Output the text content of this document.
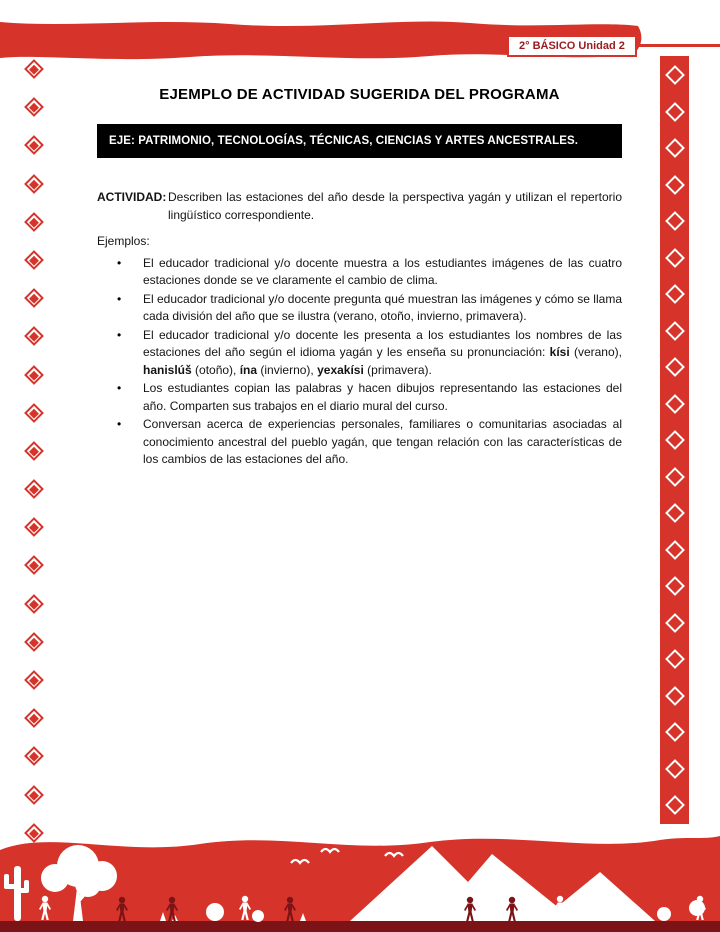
2° BÁSICO Unidad 2
EJEMPLO DE ACTIVIDAD SUGERIDA DEL PROGRAMA
EJE: PATRIMONIO, TECNOLOGÍAS, TÉCNICAS, CIENCIAS Y ARTES ANCESTRALES.

ACTIVIDAD: Describen las estaciones del año desde la perspectiva yagán y utilizan el repertorio lingüístico correspondiente.

Ejemplos:

• El educador tradicional y/o docente muestra a los estudiantes imágenes de las cuatro estaciones donde se ve claramente el cambio de clima.
• El educador tradicional y/o docente pregunta qué muestran las imágenes y cómo se llama cada división del año que se ilustra (verano, otoño, invierno, primavera).
• El educador tradicional y/o docente les presenta a los estudiantes los nombres de las estaciones del año según el idioma yagán y les enseña su pronunciación: kísi (verano), hanislúš (otoño), ína (invierno), yexakísi (primavera).
• Los estudiantes copian las palabras y hacen dibujos representando las estaciones del año. Comparten sus trabajos en el diario mural del curso.
• Conversan acerca de experiencias personales, familiares o comunitarias asociadas al conocimiento ancestral del pueblo yagán, que tengan relación con las características de los cambios de las estaciones del año.
